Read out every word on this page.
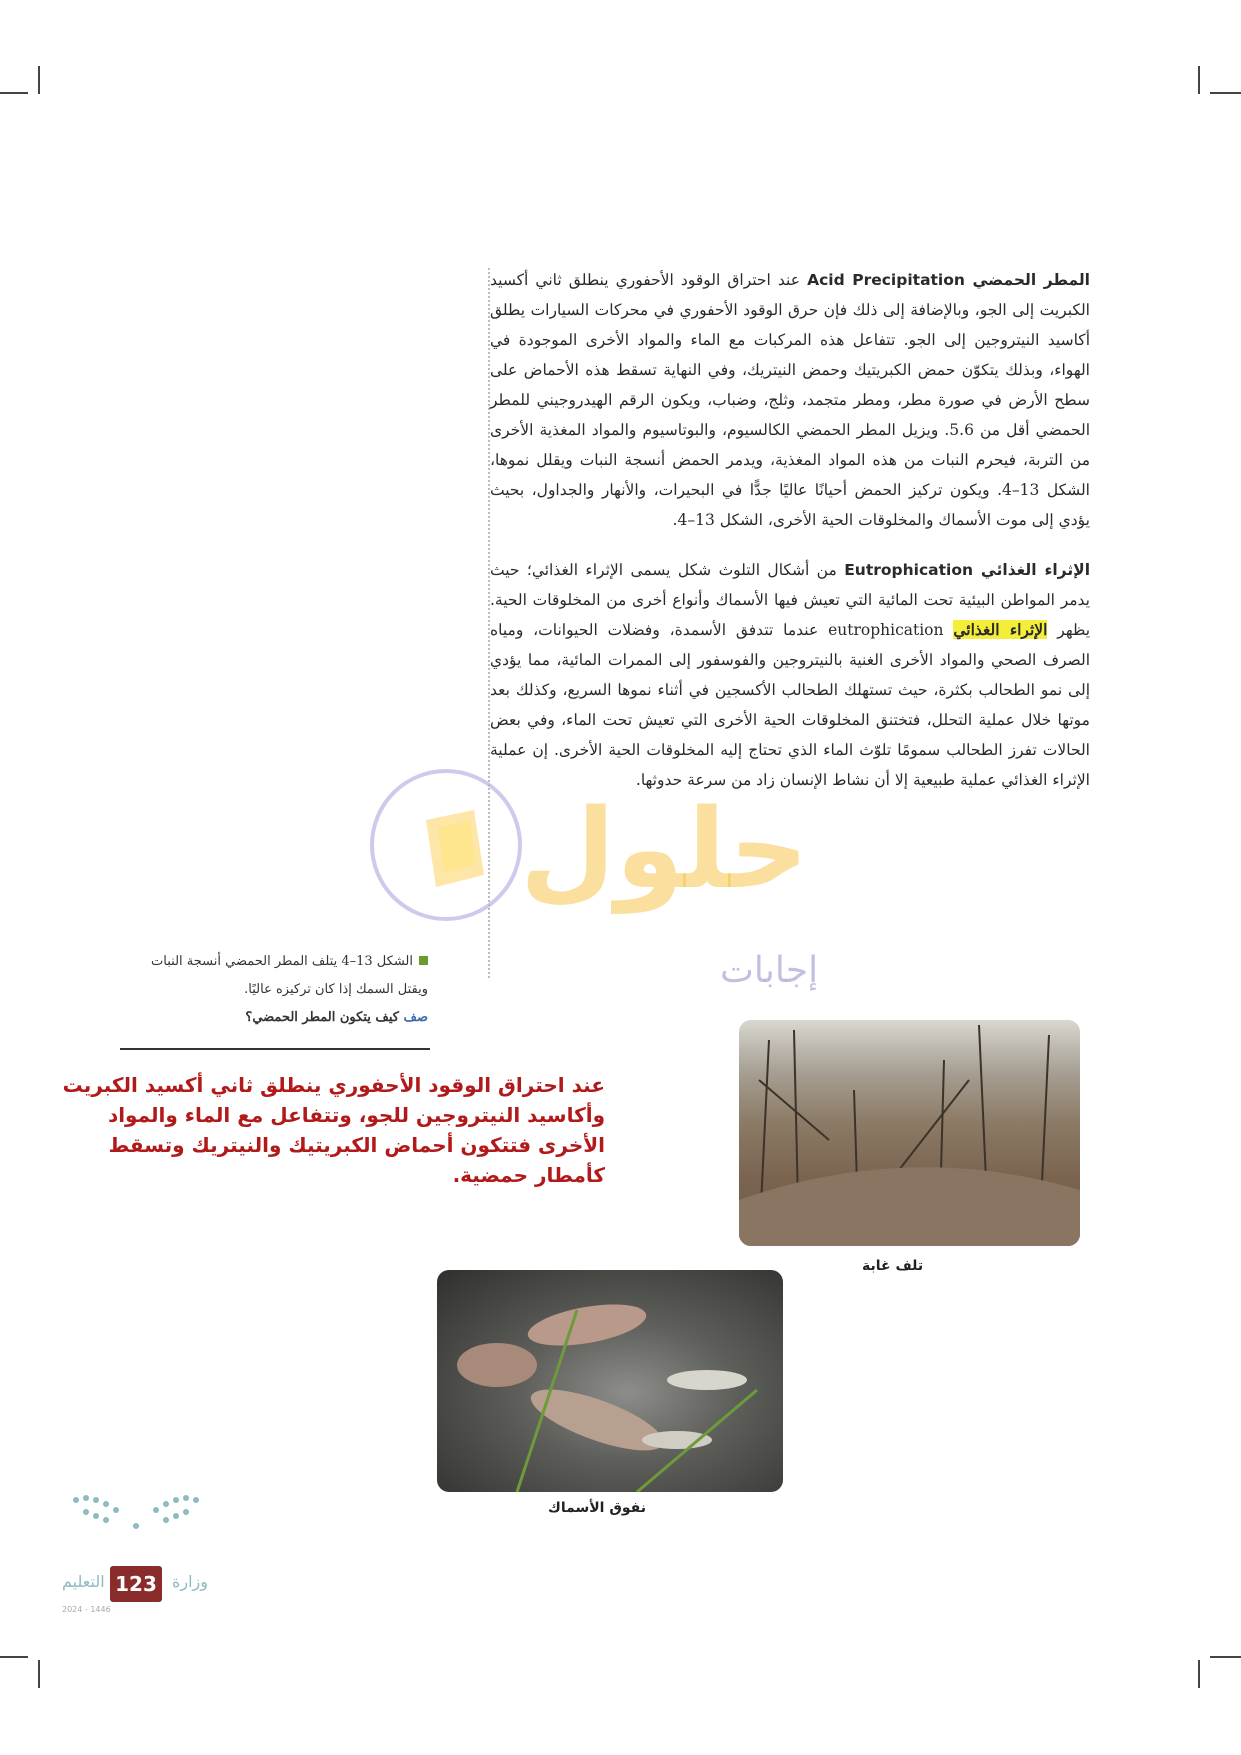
حلول

المطر الحمضي Acid Precipitation عند احتراق الوقود الأحفوري ينطلق ثاني أكسيد الكبريت إلى الجو، وبالإضافة إلى ذلك فإن حرق الوقود الأحفوري في محركات السيارات يطلق أكاسيد النيتروجين إلى الجو. تتفاعل هذه المركبات مع الماء والمواد الأخرى الموجودة في الهواء، وبذلك يتكوّن حمض الكبريتيك وحمض النيتريك، وفي النهاية تسقط هذه الأحماض على سطح الأرض في صورة مطر، ومطر متجمد، وثلج، وضباب، ويكون الرقم الهيدروجيني للمطر الحمضي أقل من 5.6. ويزيل المطر الحمضي الكالسيوم، والبوتاسيوم والمواد المغذية الأخرى من التربة، فيحرم النبات من هذه المواد المغذية، ويدمر الحمض أنسجة النبات ويقلل نموها، الشكل 13–4. ويكون تركيز الحمض أحيانًا عاليًا جدًّا في البحيرات، والأنهار والجداول، بحيث يؤدي إلى موت الأسماك والمخلوقات الحية الأخرى، الشكل 13–4.

الإثراء الغذائي Eutrophication من أشكال التلوث شكل يسمى الإثراء الغذائي؛ حيث يدمر المواطن البيئية تحت المائية التي تعيش فيها الأسماك وأنواع أخرى من المخلوقات الحية. يظهر الإثراء الغذائي eutrophication عندما تتدفق الأسمدة، وفضلات الحيوانات، ومياه الصرف الصحي والمواد الأخرى الغنية بالنيتروجين والفوسفور إلى الممرات المائية، مما يؤدي إلى نمو الطحالب بكثرة، حيث تستهلك الطحالب الأكسجين في أثناء نموها السريع، وكذلك بعد موتها خلال عملية التحلل، فتختنق المخلوقات الحية الأخرى التي تعيش تحت الماء، وفي بعض الحالات تفرز الطحالب سمومًا تلوّث الماء الذي تحتاج إليه المخلوقات الحية الأخرى. إن عملية الإثراء الغذائي عملية طبيعية إلا أن نشاط الإنسان زاد من سرعة حدوثها.

إجابات
الشكل 13–4 يتلف المطر الحمضي أنسجة النبات ويقتل السمك إذا كان تركيزه عاليًا.
صف كيف يتكون المطر الحمضي؟
عند احتراق الوقود الأحفوري ينطلق ثاني أكسيد الكبريت وأكاسيد النيتروجين للجو، وتتفاعل مع الماء والمواد الأخرى فتتكون أحماض الكبريتيك والنيتريك وتسقط كأمطار حمضية.
تلف غابة
نفوق الأسماك
التعليم 123 وزارة
2024 - 1446
